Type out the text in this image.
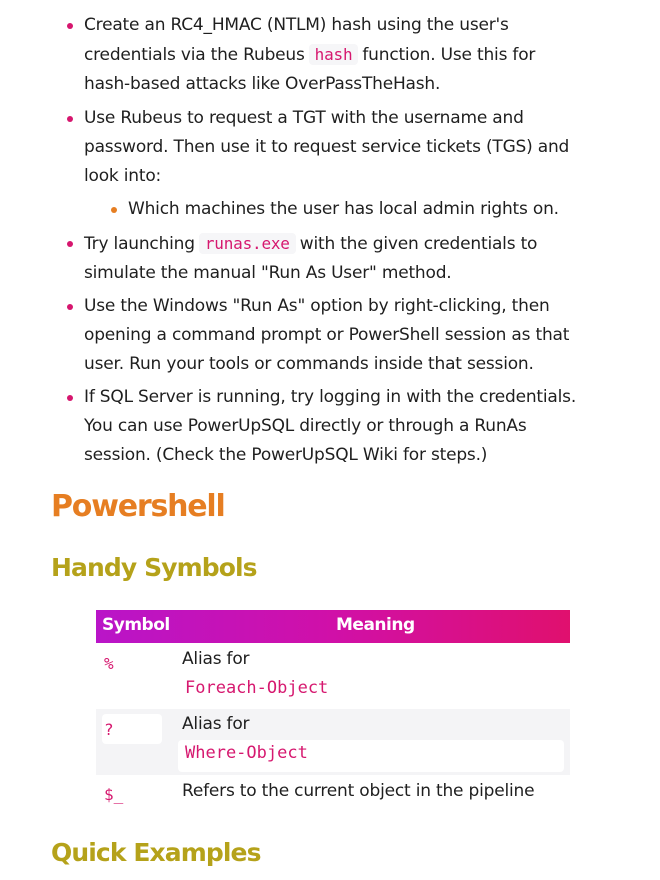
Create an RC4_HMAC (NTLM) hash using the user's
credentials via the Rubeus hash function. Use this for
hash-based attacks like OverPassTheHash.
Use Rubeus to request a TGT with the username and
password. Then use it to request service tickets (TGS) and
look into:
Which machines the user has local admin rights on.
Try launching runas.exe with the given credentials to
simulate the manual "Run As User" method.
Use the Windows "Run As" option by right-clicking, then
opening a command prompt or PowerShell session as that
user. Run your tools or commands inside that session.
If SQL Server is running, try logging in with the credentials.
You can use PowerUpSQL directly or through a RunAs
session. (Check the PowerUpSQL Wiki for steps.)
Powershell
Handy Symbols
Symbol	Meaning
%	Alias for
Foreach-Object
?	Alias for
Where-Object
$_	Refers to the current object in the pipeline
Quick Examples
